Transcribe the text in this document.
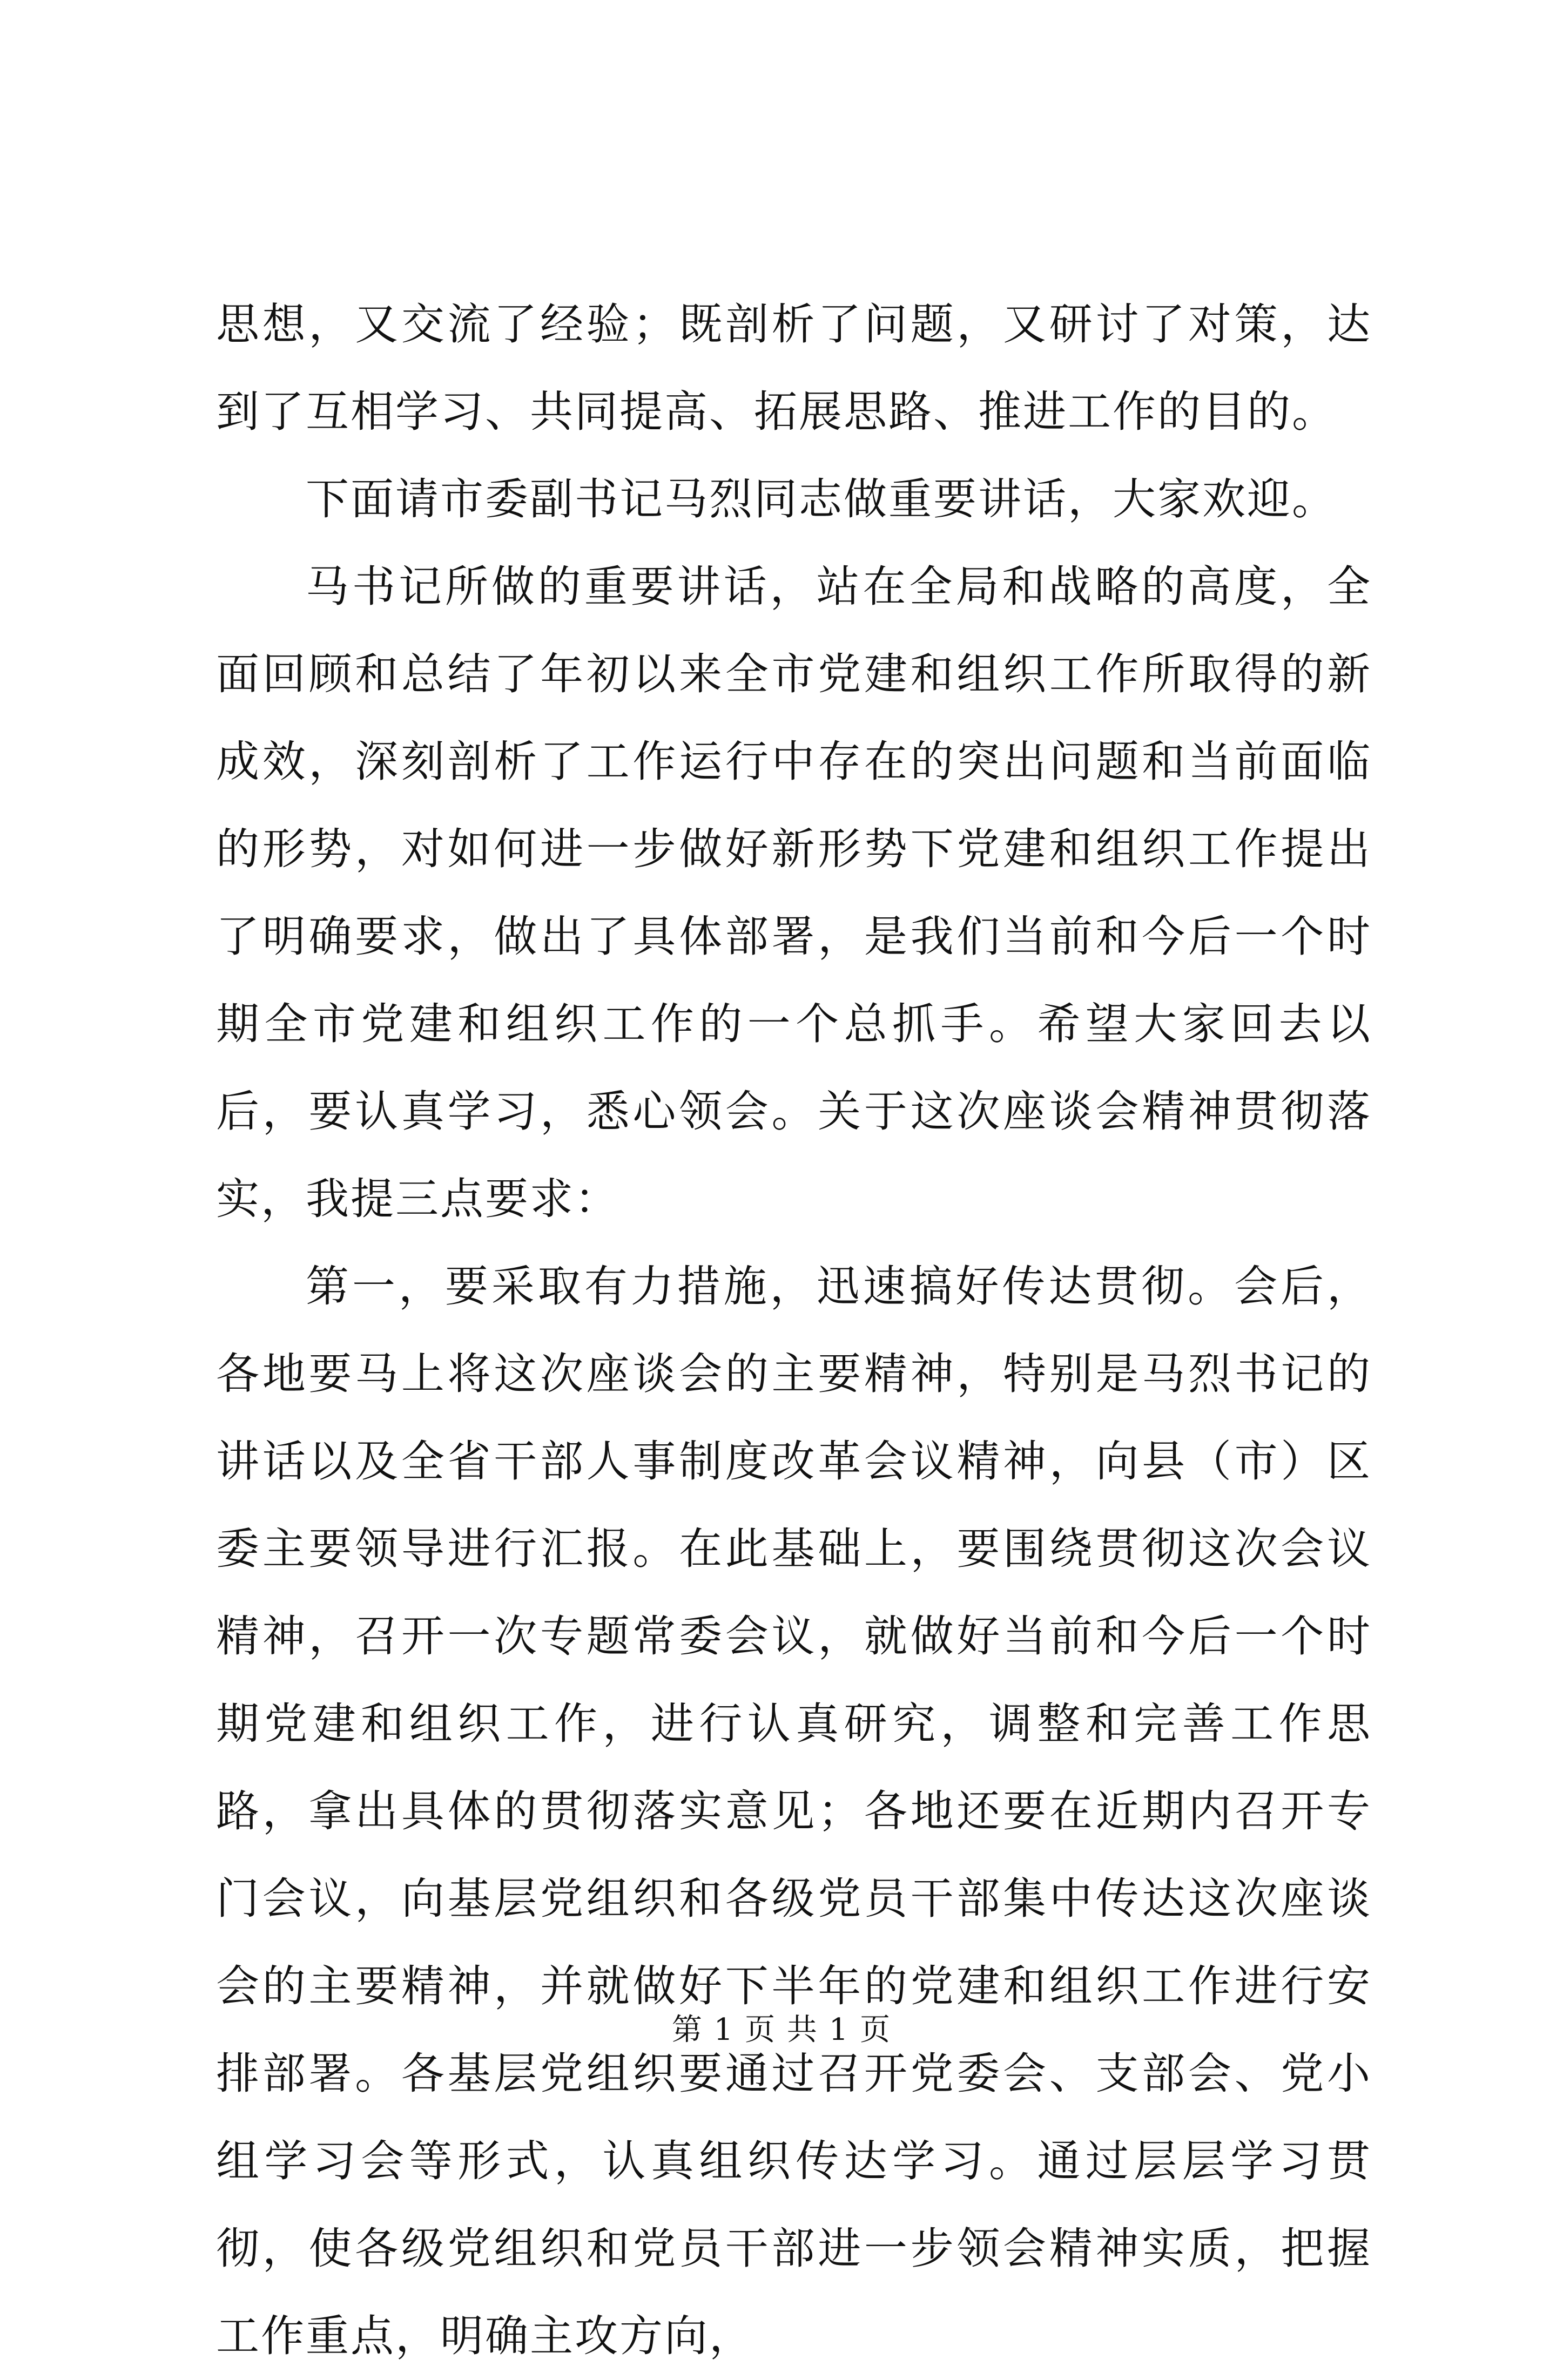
思想，又交流了经验；既剖析了问题，又研讨了对策，达到了互相学习、共同提高、拓展思路、推进工作的目的。

下面请市委副书记马烈同志做重要讲话，大家欢迎。

马书记所做的重要讲话，站在全局和战略的高度，全面回顾和总结了年初以来全市党建和组织工作所取得的新成效，深刻剖析了工作运行中存在的突出问题和当前面临的形势，对如何进一步做好新形势下党建和组织工作提出了明确要求，做出了具体部署，是我们当前和今后一个时期全市党建和组织工作的一个总抓手。希望大家回去以后，要认真学习，悉心领会。关于这次座谈会精神贯彻落实，我提三点要求：

第一，要采取有力措施，迅速搞好传达贯彻。会后，各地要马上将这次座谈会的主要精神，特别是马烈书记的讲话以及全省干部人事制度改革会议精神，向县（市）区委主要领导进行汇报。在此基础上，要围绕贯彻这次会议精神，召开一次专题常委会议，就做好当前和今后一个时期党建和组织工作，进行认真研究，调整和完善工作思路，拿出具体的贯彻落实意见；各地还要在近期内召开专门会议，向基层党组织和各级党员干部集中传达这次座谈会的主要精神，并就做好下半年的党建和组织工作进行安排部署。各基层党组织要通过召开党委会、支部会、党小组学习会等形式，认真组织传达学习。通过层层学习贯彻，使各级党组织和党员干部进一步领会精神实质，把握工作重点，明确主攻方向，

第 1 页 共 1 页
